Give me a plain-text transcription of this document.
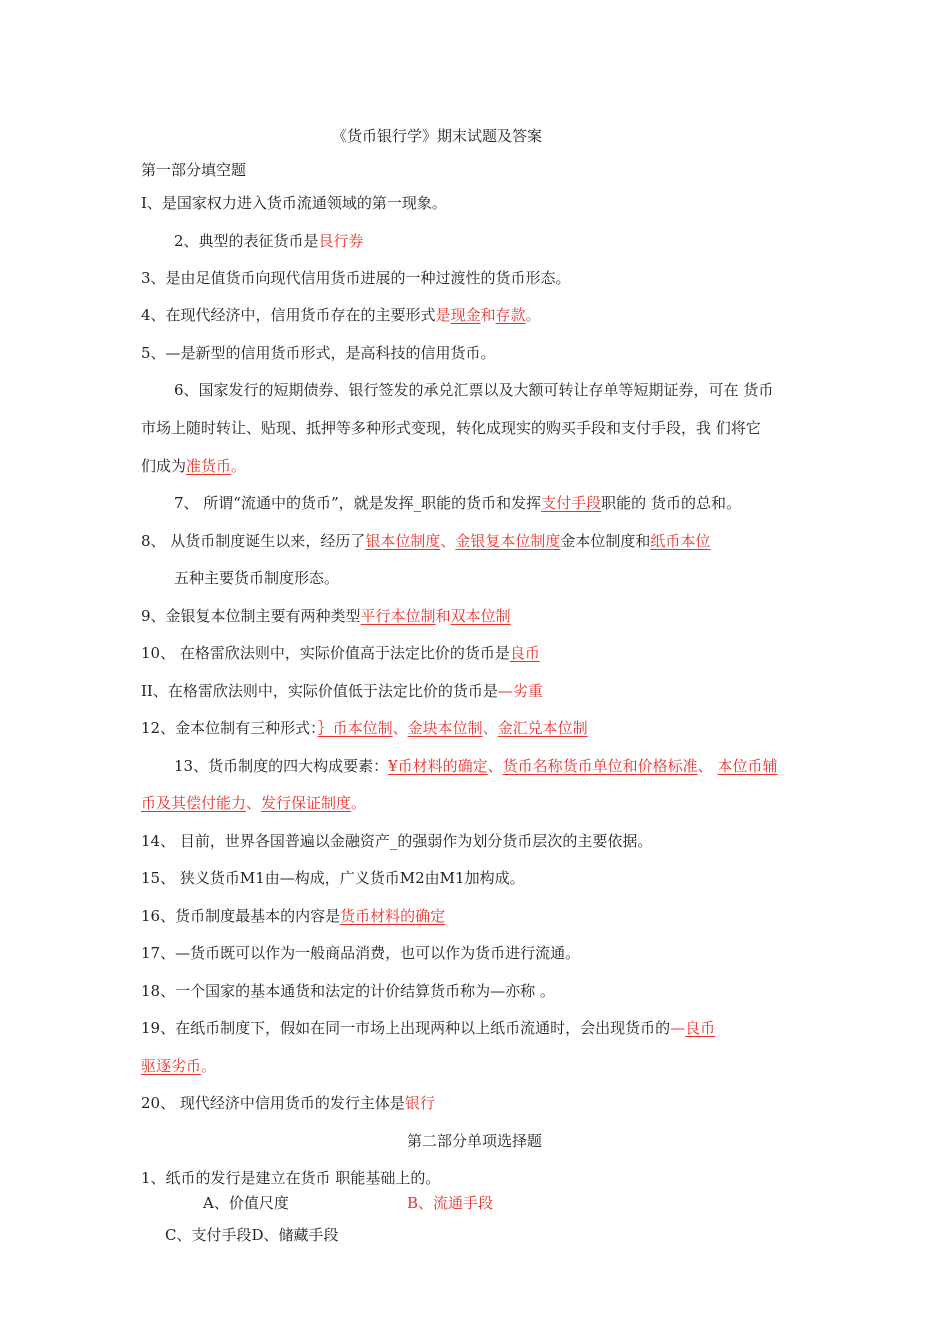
《货币银行学》期末试题及答案
第一部分填空题
I、是国家权力进入货币流通领域的第一现象。
2、典型的表征货币是艮行券
3、是由足值货币向现代信用货币进展的一种过渡性的货币形态。
4、在现代经济中，信用货币存在的主要形式是现金和存款。
5、—是新型的信用货币形式，是高科技的信用货币。
6、国家发行的短期债券、银行签发的承兑汇票以及大额可转让存单等短期证券，可在 货币
市场上随时转让、贴现、抵押等多种形式变现，转化成现实的购买手段和支付手段，我 们将它
们成为准货币。
7、 所谓“流通中的货币”，就是发挥_职能的货币和发挥支付手段职能的 货币的总和。
8、 从货币制度诞生以来，经历了银本位制度、金银复本位制度金本位制度和纸币本位
五种主要货币制度形态。
9、金银复本位制主要有两种类型平行本位制和双本位制
10、 在格雷欣法则中，实际价值高于法定比价的货币是良币
II、在格雷欣法则中，实际价值低于法定比价的货币是—劣重
12、金本位制有三种形式：｝币本位制、金块本位制、金汇兑本位制
13、货币制度的四大构成要素：¥币材料的确定、货币名称货币单位和价格标准、 本位币辅
币及其偿付能力、发行保证制度。
14、 目前，世界各国普遍以金融资产_的强弱作为划分货币层次的主要依据。
15、 狭义货币M1由—构成，广义货币M2由M1加构成。
16、货币制度最基本的内容是货币材料的确定
17、—货币既可以作为一般商品消费，也可以作为货币进行流通。
18、一个国家的基本通货和法定的计价结算货币称为—亦称 。
19、在纸币制度下，假如在同一市场上出现两种以上纸币流通时，会出现货币的—良币
驱逐劣币。
20、 现代经济中信用货币的发行主体是银行
第二部分单项选择题
1、纸币的发行是建立在货币 职能基础上的。
A、价值尺度	B、流通手段
C、支付手段D、储藏手段
